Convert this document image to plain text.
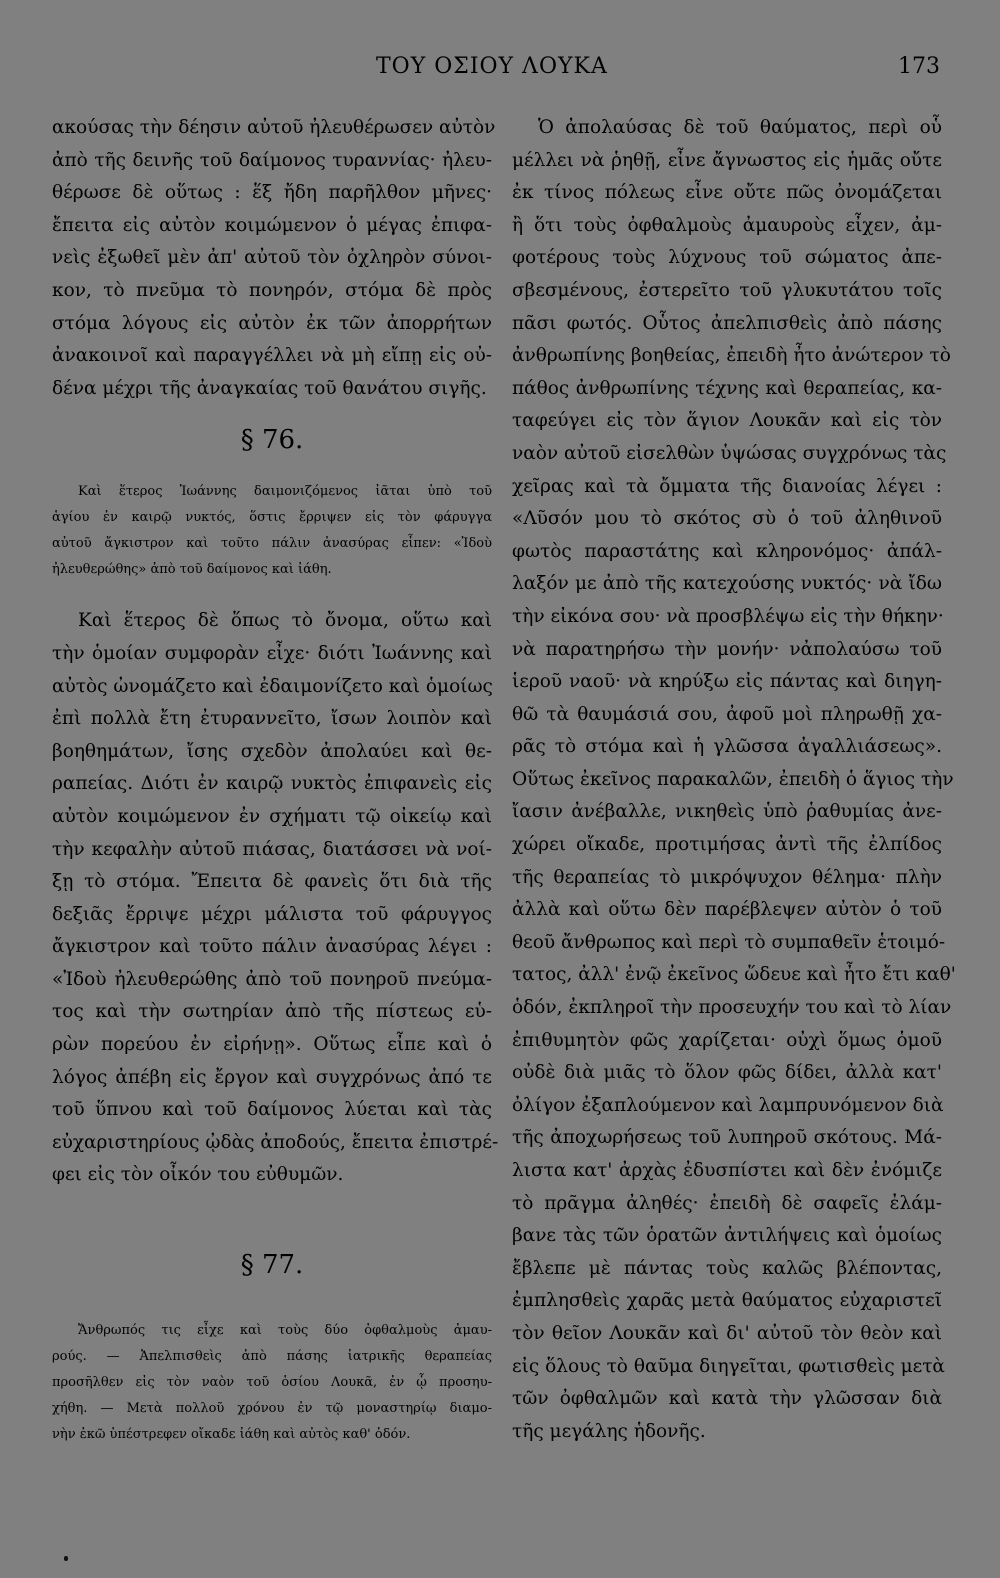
ΤΟΥ ΟΣΙΟΥ ΛΟΥΚΑ	173

ακούσας τὴν δέησιν αὐτοῦ ἠλευθέρωσεν αὐτὸν

ἀπὸ τῆς δεινῆς τοῦ δαίμονος τυραννίας· ἠλευ-

θέρωσε δὲ οὕτως : ἕξ ἤδη παρῆλθον μῆνες·

ἔπειτα εἰς αὐτὸν κοιμώμενον ὁ μέγας ἐπιφα-

νεὶς ἐξωθεῖ μὲν ἀπ' αὐτοῦ τὸν ὀχληρὸν σύνοι-

κον, τὸ πνεῦμα τὸ πονηρόν, στόμα δὲ πρὸς

στόμα λόγους εἰς αὐτὸν ἐκ τῶν ἀπορρήτων

ἀνακοινοῖ καὶ παραγγέλλει νὰ μὴ εἴπῃ εἰς οὐ-

δένα μέχρι τῆς ἀναγκαίας τοῦ θανάτου σιγῆς.

§ 76.

Καὶ ἕτερος Ἰωάννης δαιμονιζόμενος ἰᾶται ὑπὸ τοῦ

ἁγίου ἐν καιρῷ νυκτός, ὅστις ἔρριψεν εἰς τὸν φάρυγγα

αὐτοῦ ἄγκιστρον καὶ τοῦτο πάλιν ἀνασύρας εἶπεν: «Ἰδοὺ

ἠλευθερώθης» ἀπὸ τοῦ δαίμονος καὶ ἰάθη.

Καὶ ἕτερος δὲ ὅπως τὸ ὄνομα, οὕτω καὶ

τὴν ὁμοίαν συμφορὰν εἶχε· διότι Ἰωάννης καὶ

αὐτὸς ὠνομάζετο καὶ ἐδαιμονίζετο καὶ ὁμοίως

ἐπὶ πολλὰ ἔτη ἐτυραννεῖτο, ἴσων λοιπὸν καὶ

βοηθημάτων, ἴσης σχεδὸν ἀπολαύει καὶ θε-

ραπείας. Διότι ἐν καιρῷ νυκτὸς ἐπιφανεὶς εἰς

αὐτὸν κοιμώμενον ἐν σχήματι τῷ οἰκείῳ καὶ

τὴν κεφαλὴν αὐτοῦ πιάσας, διατάσσει νὰ νοί-

ξῃ τὸ στόμα. Ἔπειτα δὲ φανεὶς ὅτι διὰ τῆς

δεξιᾶς ἔρριψε μέχρι μάλιστα τοῦ φάρυγγος

ἄγκιστρον καὶ τοῦτο πάλιν ἀνασύρας λέγει :

«Ἰδοὺ ἠλευθερώθης ἀπὸ τοῦ πονηροῦ πνεύμα-

τος καὶ τὴν σωτηρίαν ἀπὸ τῆς πίστεως εὑ-

ρὼν πορεύου ἐν εἰρήνῃ». Οὕτως εἶπε καὶ ὁ

λόγος ἀπέβη εἰς ἔργον καὶ συγχρόνως ἀπό τε

τοῦ ὕπνου καὶ τοῦ δαίμονος λύεται καὶ τὰς

εὐχαριστηρίους ᾠδὰς ἀποδούς, ἔπειτα ἐπιστρέ-

φει εἰς τὸν οἶκόν του εὐθυμῶν.

§ 77.

Ἄνθρωπός τις εἶχε καὶ τοὺς δύο ὀφθαλμοὺς ἀμαυ-

ρούς. — Ἀπελπισθεὶς ἀπὸ πάσης ἰατρικῆς θεραπείας

προσῆλθεν εἰς τὸν ναὸν τοῦ ὁσίου Λουκᾶ, ἐν ᾧ προσηυ-

χήθη. — Μετὰ πολλοῦ χρόνου ἐν τῷ μοναστηρίῳ διαμο-

νὴν ἐκῶ ὑπέστρεφεν οἴκαδε ἰάθη καὶ αὐτὸς καθ' ὁδόν.

Ὁ ἀπολαύσας δὲ τοῦ θαύματος, περὶ οὗ

μέλλει νὰ ῥηθῇ, εἶνε ἄγνωστος εἰς ἡμᾶς οὔτε

ἐκ τίνος πόλεως εἶνε οὔτε πῶς ὀνομάζεται

ἢ ὅτι τοὺς ὀφθαλμοὺς ἀμαυροὺς εἶχεν, ἀμ-

φοτέρους τοὺς λύχνους τοῦ σώματος ἀπε-

σβεσμένους, ἐστερεῖτο τοῦ γλυκυτάτου τοῖς

πᾶσι φωτός. Οὗτος ἀπελπισθεὶς ἀπὸ πάσης

ἀνθρωπίνης βοηθείας, ἐπειδὴ ἦτο ἀνώτερον τὸ

πάθος ἀνθρωπίνης τέχνης καὶ θεραπείας, κα-

ταφεύγει εἰς τὸν ἅγιον Λουκᾶν καὶ εἰς τὸν

ναὸν αὐτοῦ εἰσελθὼν ὑψώσας συγχρόνως τὰς

χεῖρας καὶ τὰ ὄμματα τῆς διανοίας λέγει :

«Λῦσόν μου τὸ σκότος σὺ ὁ τοῦ ἀληθινοῦ

φωτὸς παραστάτης καὶ κληρονόμος· ἀπάλ-

λαξόν με ἀπὸ τῆς κατεχούσης νυκτός· νὰ ἴδω

τὴν εἰκόνα σου· νὰ προσβλέψω εἰς τὴν θήκην·

νὰ παρατηρήσω τὴν μονήν· νἀπολαύσω τοῦ

ἱεροῦ ναοῦ· νὰ κηρύξω εἰς πάντας καὶ διηγη-

θῶ τὰ θαυμάσιά σου, ἀφοῦ μοὶ πληρωθῇ χα-

ρᾶς τὸ στόμα καὶ ἡ γλῶσσα ἀγαλλιάσεως».

Οὕτως ἐκεῖνος παρακαλῶν, ἐπειδὴ ὁ ἅγιος τὴν

ἴασιν ἀνέβαλλε, νικηθεὶς ὑπὸ ῥαθυμίας ἀνε-

χώρει οἴκαδε, προτιμήσας ἀντὶ τῆς ἐλπίδος

τῆς θεραπείας τὸ μικρόψυχον θέλημα· πλὴν

ἀλλὰ καὶ οὕτω δὲν παρέβλεψεν αὐτὸν ὁ τοῦ

θεοῦ ἄνθρωπος καὶ περὶ τὸ συμπαθεῖν ἑτοιμό-

τατος, ἀλλ' ἐνῷ ἐκεῖνος ὥδευε καὶ ἦτο ἔτι καθ'

ὁδόν, ἐκπληροῖ τὴν προσευχήν του καὶ τὸ λίαν

ἐπιθυμητὸν φῶς χαρίζεται· οὐχὶ ὅμως ὁμοῦ

οὐδὲ διὰ μιᾶς τὸ ὅλον φῶς δίδει, ἀλλὰ κατ'

ὀλίγον ἐξαπλούμενον καὶ λαμπρυνόμενον διὰ

τῆς ἀποχωρήσεως τοῦ λυπηροῦ σκότους. Μά-

λιστα κατ' ἀρχὰς ἐδυσπίστει καὶ δὲν ἐνόμιζε

τὸ πρᾶγμα ἀληθές· ἐπειδὴ δὲ σαφεῖς ἐλάμ-

βανε τὰς τῶν ὁρατῶν ἀντιλήψεις καὶ ὁμοίως

ἔβλεπε μὲ πάντας τοὺς καλῶς βλέποντας,

ἐμπλησθεὶς χαρᾶς μετὰ θαύματος εὐχαριστεῖ

τὸν θεῖον Λουκᾶν καὶ δι' αὐτοῦ τὸν θεὸν καὶ

εἰς ὅλους τὸ θαῦμα διηγεῖται, φωτισθεὶς μετὰ

τῶν ὀφθαλμῶν καὶ κατὰ τὴν γλῶσσαν διὰ

τῆς μεγάλης ἡδονῆς.
